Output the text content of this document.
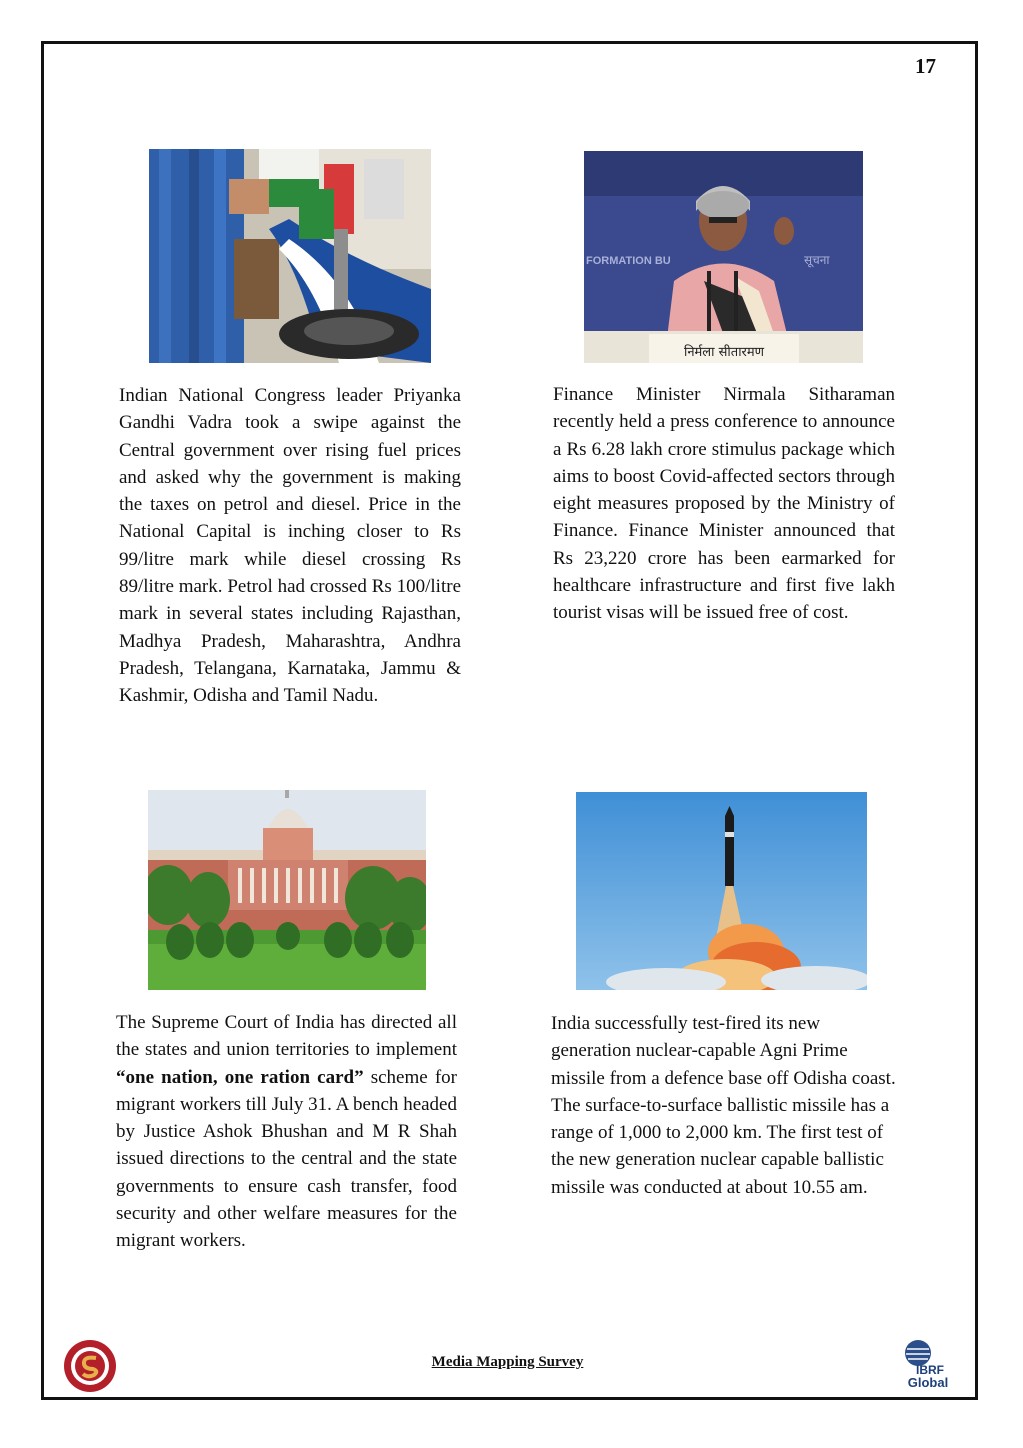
17
FORMATION BU	सूचना
निर्मला सीतारमण
Indian National Congress leader Priyanka Gandhi Vadra took a swipe against the Central government over rising fuel prices and asked why the government is making the taxes on petrol and diesel. Price in the National Capital is inching closer to Rs 99/litre mark while diesel crossing Rs 89/litre mark. Petrol had crossed Rs 100/litre mark in several states including Rajasthan, Madhya Pradesh, Maharashtra, Andhra Pradesh, Telangana, Karnataka, Jammu & Kashmir, Odisha and Tamil Nadu.
Finance Minister Nirmala Sitharaman recently held a press conference to announce a Rs 6.28 lakh crore stimulus package which aims to boost Covid-affected sectors through eight measures proposed by the Ministry of Finance. Finance Minister announced that Rs 23,220 crore has been earmarked for healthcare infrastructure and first five lakh tourist visas will be issued free of cost.
The Supreme Court of India has directed all the states and union territories to implement “one nation, one ration card” scheme for migrant workers till July 31. A bench headed by Justice Ashok Bhushan and M R Shah issued directions to the central and the state governments to ensure cash transfer, food security and other welfare measures for the migrant workers.
India successfully test-fired its new generation nuclear-capable Agni Prime missile from a defence base off Odisha coast. The surface-to-surface ballistic missile has a range of 1,000 to 2,000 km. The first test of the new generation nuclear capable ballistic missile was conducted at about 10.55 am.
Media Mapping Survey	IBRF
Global
